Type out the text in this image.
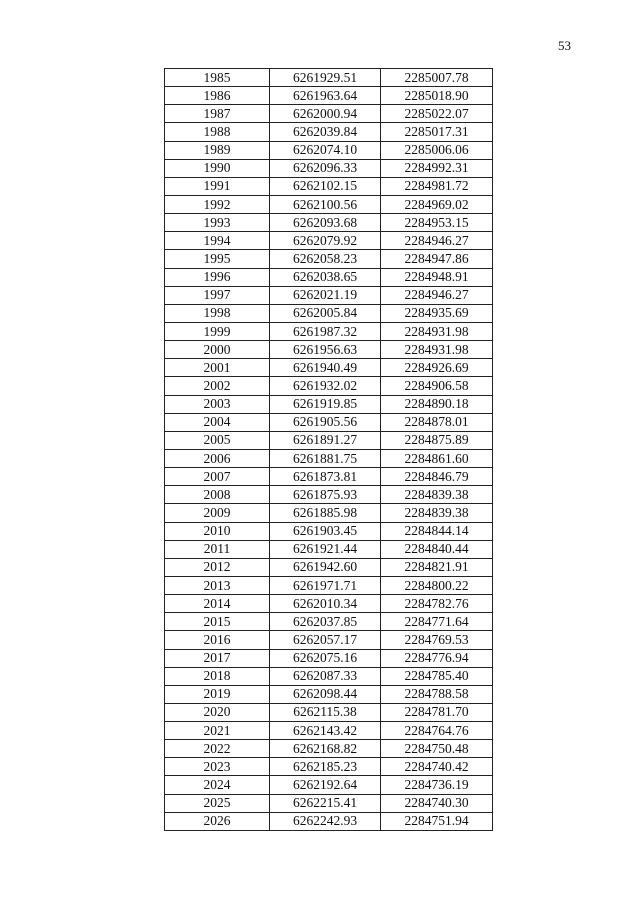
53
1985	6261929.51	2285007.78
1986	6261963.64	2285018.90
1987	6262000.94	2285022.07
1988	6262039.84	2285017.31
1989	6262074.10	2285006.06
1990	6262096.33	2284992.31
1991	6262102.15	2284981.72
1992	6262100.56	2284969.02
1993	6262093.68	2284953.15
1994	6262079.92	2284946.27
1995	6262058.23	2284947.86
1996	6262038.65	2284948.91
1997	6262021.19	2284946.27
1998	6262005.84	2284935.69
1999	6261987.32	2284931.98
2000	6261956.63	2284931.98
2001	6261940.49	2284926.69
2002	6261932.02	2284906.58
2003	6261919.85	2284890.18
2004	6261905.56	2284878.01
2005	6261891.27	2284875.89
2006	6261881.75	2284861.60
2007	6261873.81	2284846.79
2008	6261875.93	2284839.38
2009	6261885.98	2284839.38
2010	6261903.45	2284844.14
2011	6261921.44	2284840.44
2012	6261942.60	2284821.91
2013	6261971.71	2284800.22
2014	6262010.34	2284782.76
2015	6262037.85	2284771.64
2016	6262057.17	2284769.53
2017	6262075.16	2284776.94
2018	6262087.33	2284785.40
2019	6262098.44	2284788.58
2020	6262115.38	2284781.70
2021	6262143.42	2284764.76
2022	6262168.82	2284750.48
2023	6262185.23	2284740.42
2024	6262192.64	2284736.19
2025	6262215.41	2284740.30
2026	6262242.93	2284751.94
